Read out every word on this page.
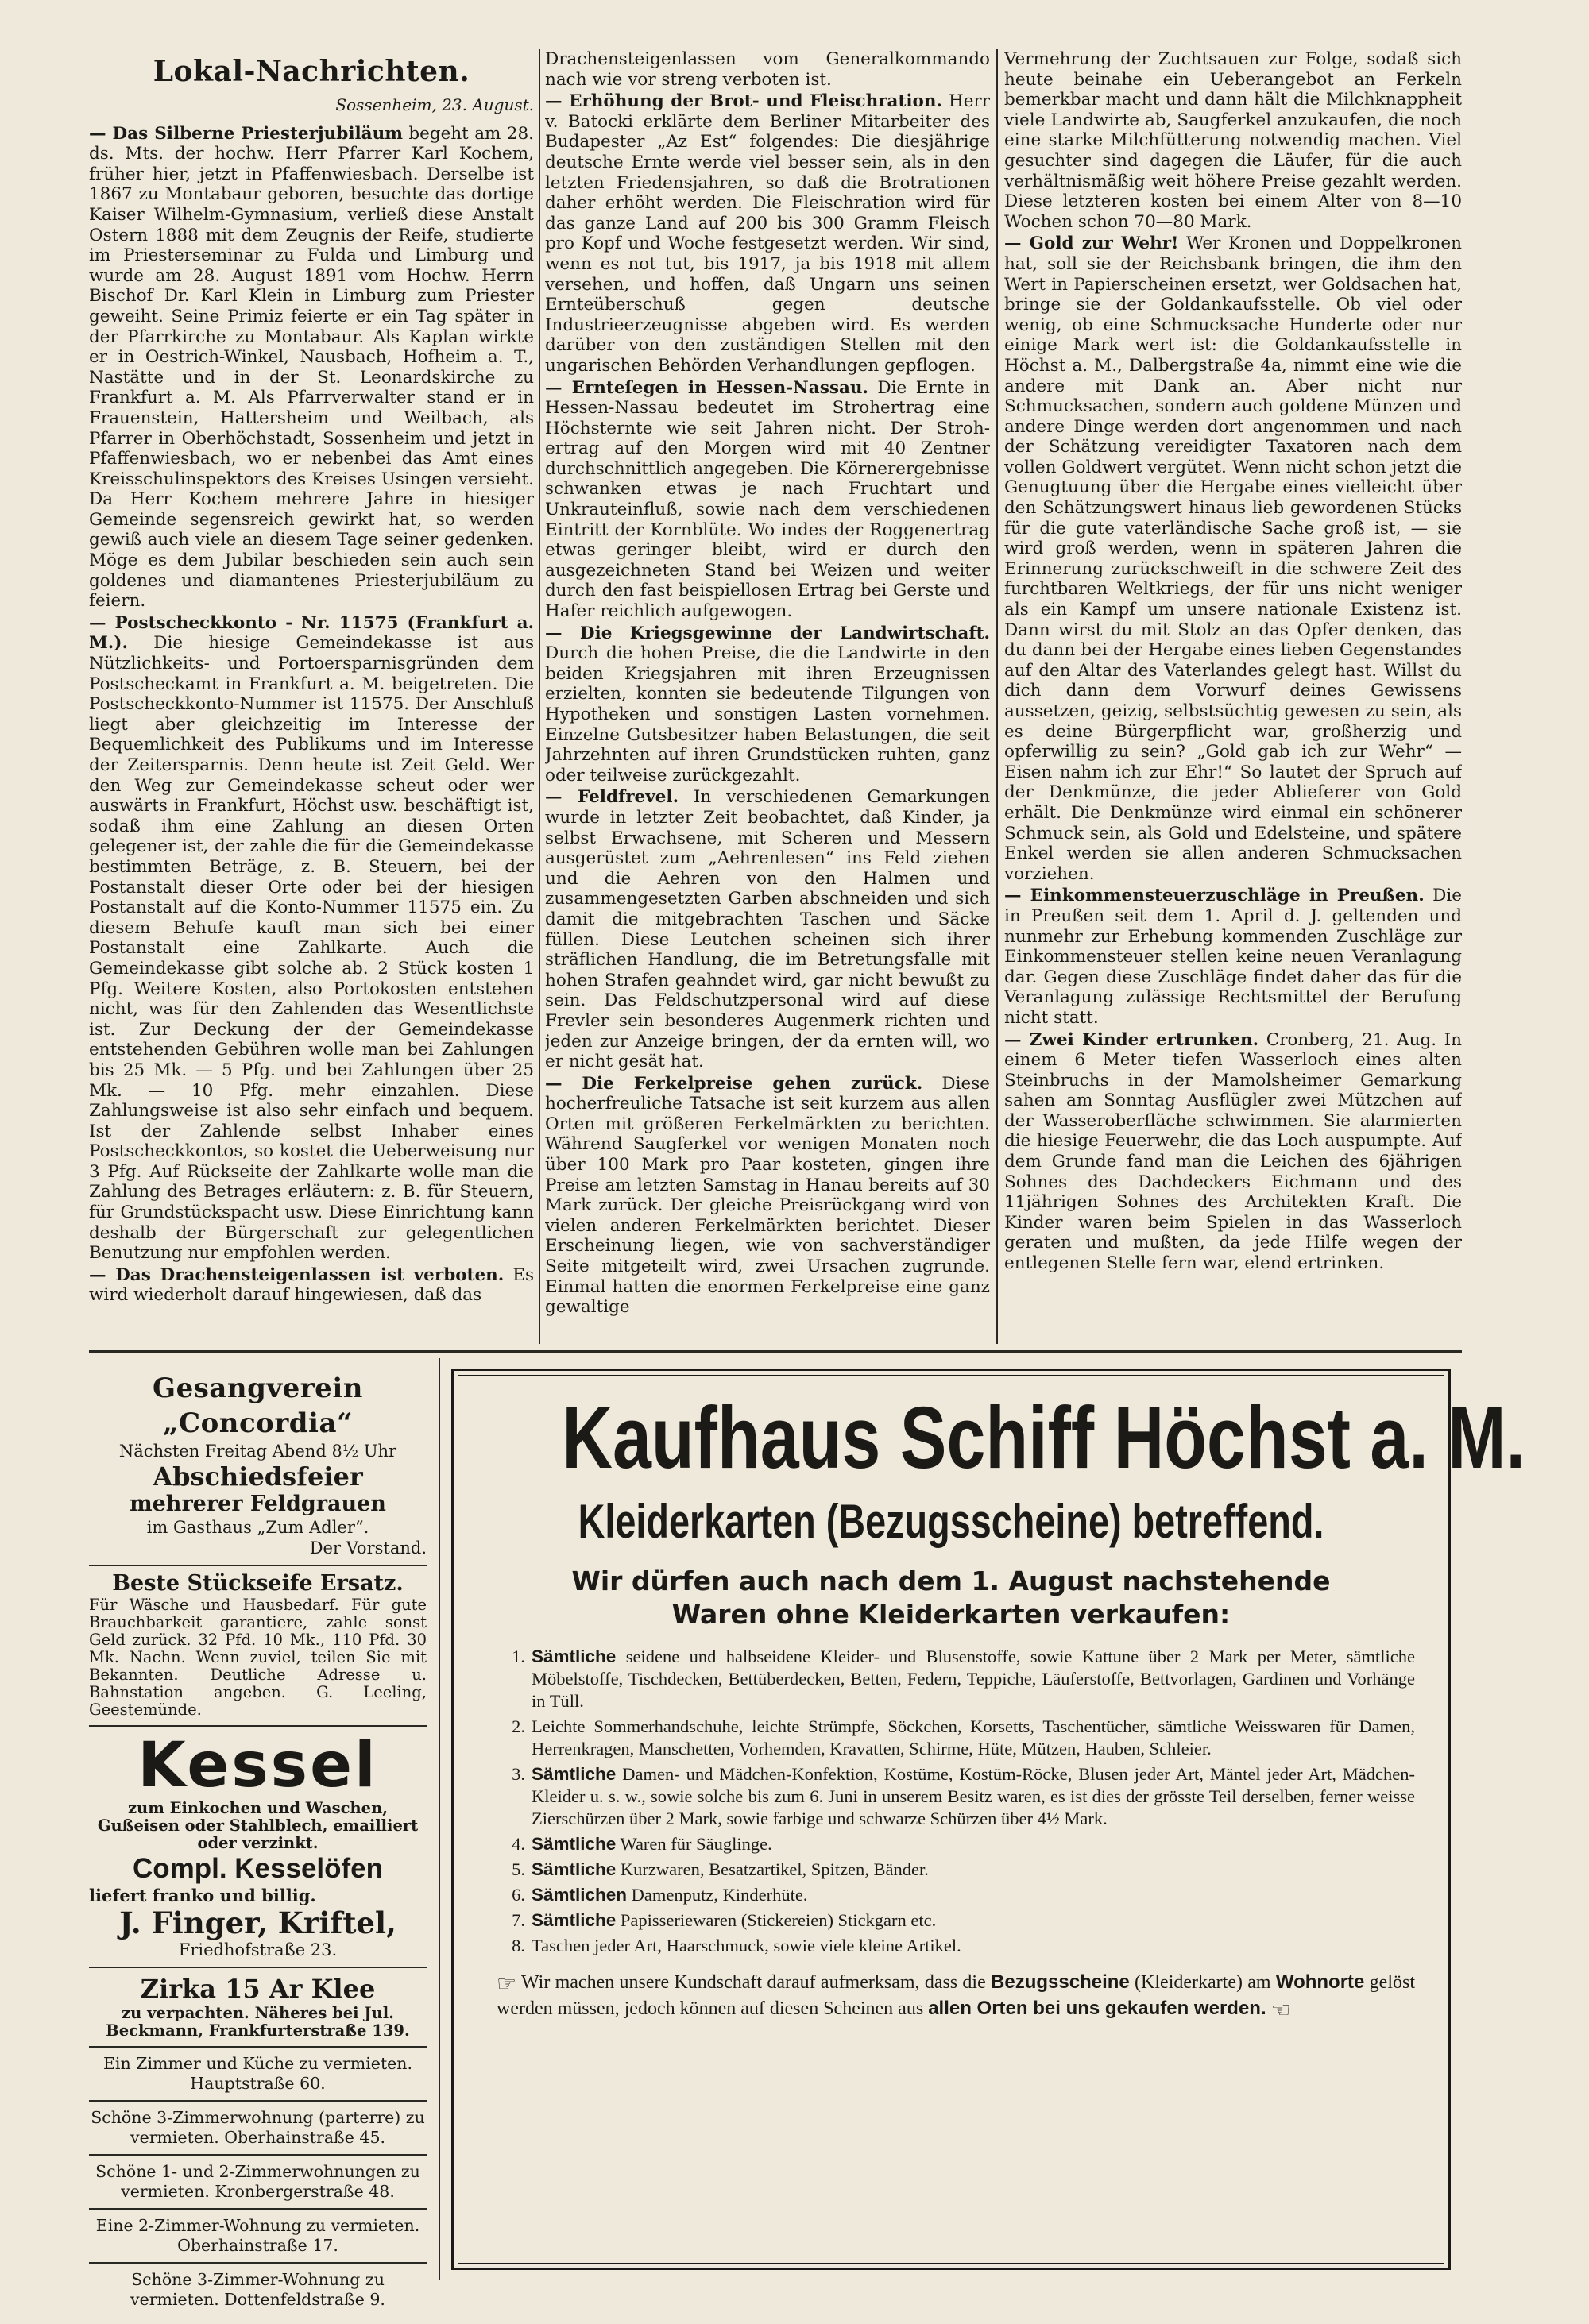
Lokal-Nachrichten.
Sossenheim, 23. August.

— Das Silberne Priesterjubiläum begeht am 28. ds. Mts. der hochw. Herr Pfarrer Karl Kochem, früher hier, jetzt in Pfaffenwiesbach. Derselbe ist 1867 zu Montabaur geboren, besuchte das dortige Kaiser Wilhelm-Gymnasium, verließ diese Anstalt Ostern 1888 mit dem Zeugnis der Reife, studierte im Priesterseminar zu Fulda und Limburg und wurde am 28. August 1891 vom Hochw. Herrn Bischof Dr. Karl Klein in Limburg zum Priester geweiht. Seine Primiz feierte er ein Tag später in der Pfarrkirche zu Montabaur. Als Kaplan wirkte er in Oestrich-Winkel, Nausbach, Hofheim a. T., Nastätte und in der St. Leonardskirche zu Frankfurt a. M. Als Pfarrverwalter stand er in Frauenstein, Hattersheim und Weilbach, als Pfarrer in Oberhöchstadt, Sossenheim und jetzt in Pfaffenwiesbach, wo er nebenbei das Amt eines Kreisschulinspektors des Kreises Usingen versieht. Da Herr Kochem mehrere Jahre in hiesiger Gemeinde segensreich gewirkt hat, so werden gewiß auch viele an diesem Tage seiner gedenken. Möge es dem Jubilar beschieden sein auch sein goldenes und diamantenes Priesterjubiläum zu feiern.

— Postscheckkonto - Nr. 11575 (Frankfurt a. M.). Die hiesige Gemeindekasse ist aus Nützlichkeits- und Portoersparnisgründen dem Postscheckamt in Frankfurt a. M. beigetreten. Die Postscheckkonto-Nummer ist 11575. Der Anschluß liegt aber gleichzeitig im Interesse der Bequemlichkeit des Publikums und im Interesse der Zeitersparnis. Denn heute ist Zeit Geld. Wer den Weg zur Gemeindekasse scheut oder wer auswärts in Frankfurt, Höchst usw. beschäftigt ist, sodaß ihm eine Zahlung an diesen Orten gelegener ist, der zahle die für die Gemeindekasse bestimmten Beträge, z. B. Steuern, bei der Postanstalt dieser Orte oder bei der hiesigen Postanstalt auf die Konto-Nummer 11575 ein. Zu diesem Behufe kauft man sich bei einer Postanstalt eine Zahlkarte. Auch die Gemeindekasse gibt solche ab. 2 Stück kosten 1 Pfg. Weitere Kosten, also Portokosten entstehen nicht, was für den Zahlenden das Wesentlichste ist. Zur Deckung der der Gemeindekasse entstehenden Gebühren wolle man bei Zahlungen bis 25 Mk. — 5 Pfg. und bei Zahlungen über 25 Mk. — 10 Pfg. mehr einzahlen. Diese Zahlungsweise ist also sehr einfach und bequem. Ist der Zahlende selbst Inhaber eines Postscheckkontos, so kostet die Ueberweisung nur 3 Pfg. Auf Rückseite der Zahlkarte wolle man die Zahlung des Betrages erläutern: z. B. für Steuern, für Grundstückspacht usw. Diese Einrichtung kann deshalb der Bürgerschaft zur gelegentlichen Benutzung nur empfohlen werden.

— Das Drachensteigenlassen ist verboten. Es wird wiederholt darauf hingewiesen, daß das

Drachensteigenlassen vom Generalkommando nach wie vor streng verboten ist.

— Erhöhung der Brot- und Fleischration. Herr v. Batocki erklärte dem Berliner Mitarbeiter des Budapester „Az Est“ folgendes: Die diesjährige deutsche Ernte werde viel besser sein, als in den letzten Friedensjahren, so daß die Brotrationen daher erhöht werden. Die Fleischration wird für das ganze Land auf 200 bis 300 Gramm Fleisch pro Kopf und Woche festgesetzt werden. Wir sind, wenn es not tut, bis 1917, ja bis 1918 mit allem versehen, und hoffen, daß Ungarn uns seinen Ernteüberschuß gegen deutsche Industrieerzeugnisse abgeben wird. Es werden darüber von den zuständigen Stellen mit den ungarischen Behörden Verhandlungen gepflogen.

— Ernteſegen in Hessen-Nassau. Die Ernte in Hessen-Nassau bedeutet im Strohertrag eine Höchsternte wie seit Jahren nicht. Der Stroh-ertrag auf den Morgen wird mit 40 Zentner durchschnittlich angegeben. Die Körnerergebnisse schwanken etwas je nach Fruchtart und Unkrauteinfluß, sowie nach dem verschiedenen Eintritt der Kornblüte. Wo indes der Roggenertrag etwas geringer bleibt, wird er durch den ausgezeichneten Stand bei Weizen und weiter durch den fast beispiellosen Ertrag bei Gerste und Hafer reichlich aufgewogen.

— Die Kriegsgewinne der Landwirtschaft. Durch die hohen Preise, die die Landwirte in den beiden Kriegsjahren mit ihren Erzeugnissen erzielten, konnten sie bedeutende Tilgungen von Hypotheken und sonstigen Lasten vornehmen. Einzelne Gutsbesitzer haben Belastungen, die seit Jahrzehnten auf ihren Grundstücken ruhten, ganz oder teilweise zurückgezahlt.

— Feldfrevel. In verschiedenen Gemarkungen wurde in letzter Zeit beobachtet, daß Kinder, ja selbst Erwachsene, mit Scheren und Messern ausgerüstet zum „Aehrenlesen“ ins Feld ziehen und die Aehren von den Halmen und zusammengesetzten Garben abschneiden und sich damit die mitgebrachten Taschen und Säcke füllen. Diese Leutchen scheinen sich ihrer sträflichen Handlung, die im Betretungsfalle mit hohen Strafen geahndet wird, gar nicht bewußt zu sein. Das Feldschutzpersonal wird auf diese Frevler sein besonderes Augenmerk richten und jeden zur Anzeige bringen, der da ernten will, wo er nicht gesät hat.

— Die Ferkelpreise gehen zurück. Diese hocherfreuliche Tatsache ist seit kurzem aus allen Orten mit größeren Ferkelmärkten zu berichten. Während Saugferkel vor wenigen Monaten noch über 100 Mark pro Paar kosteten, gingen ihre Preise am letzten Samstag in Hanau bereits auf 30 Mark zurück. Der gleiche Preisrückgang wird von vielen anderen Ferkelmärkten berichtet. Dieser Erscheinung liegen, wie von sachverständiger Seite mitgeteilt wird, zwei Ursachen zugrunde. Einmal hatten die enormen Ferkelpreise eine ganz gewaltige

Vermehrung der Zuchtsauen zur Folge, sodaß sich heute beinahe ein Ueberangebot an Ferkeln bemerkbar macht und dann hält die Milchknappheit viele Landwirte ab, Saugferkel anzukaufen, die noch eine starke Milchfütterung notwendig machen. Viel gesuchter sind dagegen die Läufer, für die auch verhältnismäßig weit höhere Preise gezahlt werden. Diese letzteren kosten bei einem Alter von 8—10 Wochen schon 70—80 Mark.

— Gold zur Wehr! Wer Kronen und Doppelkronen hat, soll sie der Reichsbank bringen, die ihm den Wert in Papierscheinen ersetzt, wer Goldsachen hat, bringe sie der Goldankaufsstelle. Ob viel oder wenig, ob eine Schmucksache Hunderte oder nur einige Mark wert ist: die Goldankaufsstelle in Höchst a. M., Dalbergstraße 4a, nimmt eine wie die andere mit Dank an. Aber nicht nur Schmucksachen, sondern auch goldene Münzen und andere Dinge werden dort angenommen und nach der Schätzung vereidigter Taxatoren nach dem vollen Goldwert vergütet. Wenn nicht schon jetzt die Genugtuung über die Hergabe eines vielleicht über den Schätzungswert hinaus lieb gewordenen Stücks für die gute vaterländische Sache groß ist, — sie wird groß werden, wenn in späteren Jahren die Erinnerung zurückschweift in die schwere Zeit des furchtbaren Weltkriegs, der für uns nicht weniger als ein Kampf um unsere nationale Existenz ist. Dann wirst du mit Stolz an das Opfer denken, das du dann bei der Hergabe eines lieben Gegenstandes auf den Altar des Vaterlandes gelegt hast. Willst du dich dann dem Vorwurf deines Gewissens aussetzen, geizig, selbstsüchtig gewesen zu sein, als es deine Bürgerpflicht war, großherzig und opferwillig zu sein? „Gold gab ich zur Wehr“ — Eisen nahm ich zur Ehr!“ So lautet der Spruch auf der Denkmünze, die jeder Ablieferer von Gold erhält. Die Denkmünze wird einmal ein schönerer Schmuck sein, als Gold und Edelsteine, und spätere Enkel werden sie allen anderen Schmucksachen vorziehen.

— Einkommensteuerzuschläge in Preußen. Die in Preußen seit dem 1. April d. J. geltenden und nunmehr zur Erhebung kommenden Zuschläge zur Einkommensteuer stellen keine neuen Veranlagung dar. Gegen diese Zuschläge findet daher das für die Veranlagung zulässige Rechtsmittel der Berufung nicht statt.

— Zwei Kinder ertrunken. Cronberg, 21. Aug. In einem 6 Meter tiefen Wasserloch eines alten Steinbruchs in der Mamolsheimer Gemarkung sahen am Sonntag Ausflügler zwei Mützchen auf der Wasseroberfläche schwimmen. Sie alarmierten die hiesige Feuerwehr, die das Loch auspumpte. Auf dem Grunde fand man die Leichen des 6jährigen Sohnes des Dachdeckers Eichmann und des 11jährigen Sohnes des Architekten Kraft. Die Kinder waren beim Spielen in das Wasserloch geraten und mußten, da jede Hilfe wegen der entlegenen Stelle fern war, elend ertrinken.

Gesangverein „Concordia“
Nächsten Freitag Abend 8½ Uhr
Abschiedsfeier
mehrerer Feldgrauen
im Gasthaus „Zum Adler“.
Der Vorstand.
Beste Stückseife Ersatz.
Für Wäsche und Hausbedarf. Für gute Brauchbarkeit garantiere, zahle sonst Geld zurück. 32 Pfd. 10 Mk., 110 Pfd. 30 Mk. Nachn. Wenn zuviel, teilen Sie mit Bekannten. Deutliche Adresse u. Bahnstation angeben. G. Leeling, Geestemünde.
Kessel
zum Einkochen und Waschen, Gußeisen oder Stahlblech, emailliert oder verzinkt.
Compl. Kesselöfen
liefert franko und billig.
J. Finger, Kriftel,
Friedhofstraße 23.
Zirka 15 Ar Klee
zu verpachten. Näheres bei Jul. Beckmann, Frankfurterstraße 139.
Ein Zimmer und Küche zu vermieten. Hauptstraße 60.
Schöne 3-Zimmerwohnung (parterre) zu vermieten. Oberhainstraße 45.
Schöne 1- und 2-Zimmerwohnungen zu vermieten. Kronbergerstraße 48.
Eine 2-Zimmer-Wohnung zu vermieten. Oberhainstraße 17.
Schöne 3-Zimmer-Wohnung zu vermieten. Dottenfeldstraße 9.
Kaufhaus Schiff Höchst a. M.
Kleiderkarten (Bezugsscheine) betreffend.
Wir dürfen auch nach dem 1. August nachstehende
Waren ohne Kleiderkarten verkaufen:
1. Sämtliche seidene und halbseidene Kleider- und Blusenstoffe, sowie Kattune über 2 Mark per Meter, sämtliche Möbelstoffe, Tischdecken, Bettüberdecken, Betten, Federn, Teppiche, Läuferstoffe, Bettvorlagen, Gardinen und Vorhänge in Tüll.
2. Leichte Sommerhandschuhe, leichte Strümpfe, Söckchen, Korsetts, Taschentücher, sämtliche Weisswaren für Damen, Herrenkragen, Manschetten, Vorhemden, Kravatten, Schirme, Hüte, Mützen, Hauben, Schleier.
3. Sämtliche Damen- und Mädchen-Konfektion, Kostüme, Kostüm-Röcke, Blusen jeder Art, Mäntel jeder Art, Mädchen-Kleider u. s. w., sowie solche bis zum 6. Juni in unserem Besitz waren, es ist dies der grösste Teil derselben, ferner weisse Zierschürzen über 2 Mark, sowie farbige und schwarze Schürzen über 4½ Mark.
4. Sämtliche Waren für Säuglinge.
5. Sämtliche Kurzwaren, Besatzartikel, Spitzen, Bänder.
6. Sämtlichen Damenputz, Kinderhüte.
7. Sämtliche Papisseriewaren (Stickereien) Stickgarn etc.
8. Taschen jeder Art, Haarschmuck, sowie viele kleine Artikel.
☞ Wir machen unsere Kundschaft darauf aufmerksam, dass die Bezugsscheine (Kleiderkarte) am Wohnorte gelöst werden müssen, jedoch können auf diesen Scheinen aus allen Orten bei uns gekaufen werden. ☜
